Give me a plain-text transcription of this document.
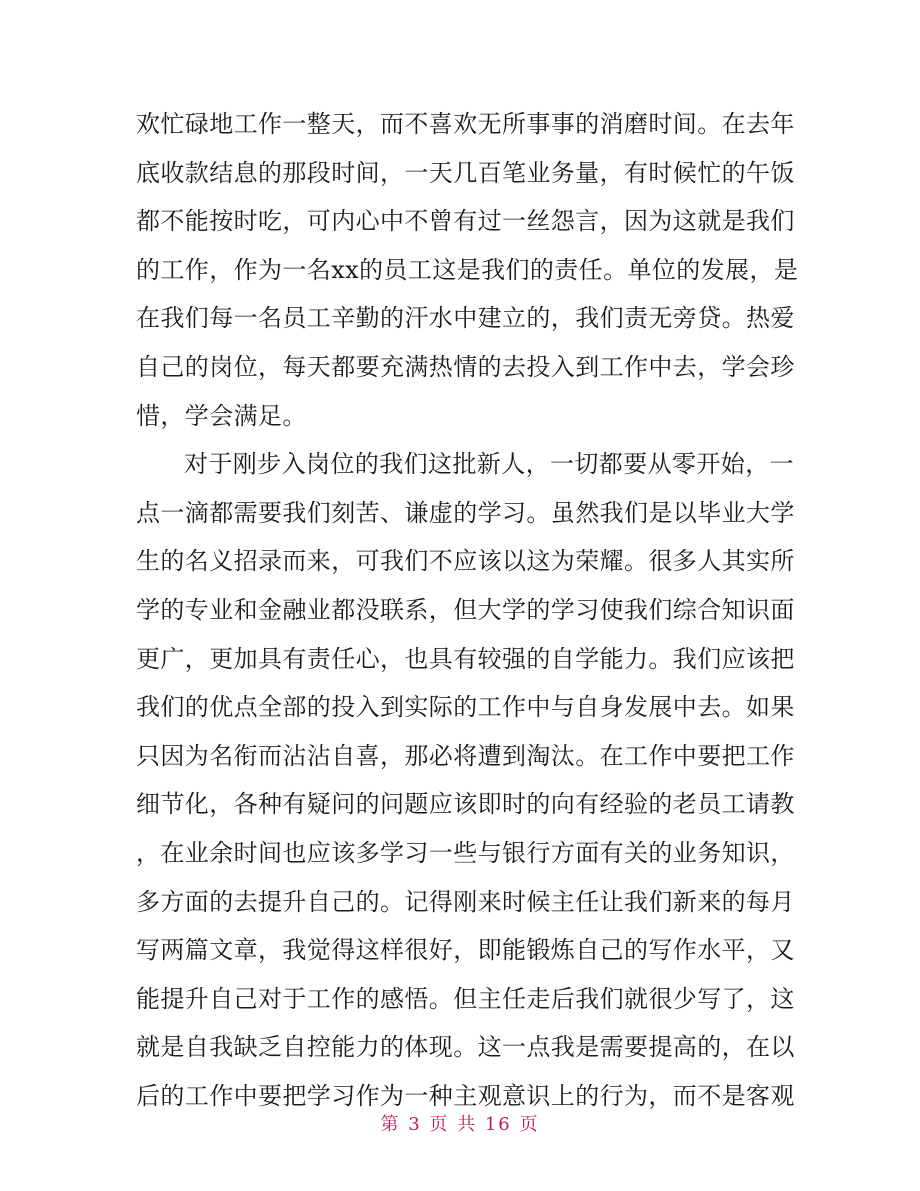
欢忙碌地工作一整天，而不喜欢无所事事的消磨时间。在去年
底收款结息的那段时间，一天几百笔业务量，有时候忙的午饭
都不能按时吃，可内心中不曾有过一丝怨言，因为这就是我们
的工作，作为一名xx的员工这是我们的责任。单位的发展，是
在我们每一名员工辛勤的汗水中建立的，我们责无旁贷。热爱
自己的岗位，每天都要充满热情的去投入到工作中去，学会珍
惜，学会满足。
对于刚步入岗位的我们这批新人，一切都要从零开始，一
点一滴都需要我们刻苦、谦虚的学习。虽然我们是以毕业大学
生的名义招录而来，可我们不应该以这为荣耀。很多人其实所
学的专业和金融业都没联系，但大学的学习使我们综合知识面
更广，更加具有责任心，也具有较强的自学能力。我们应该把
我们的优点全部的投入到实际的工作中与自身发展中去。如果
只因为名衔而沾沾自喜，那必将遭到淘汰。在工作中要把工作
细节化，各种有疑问的问题应该即时的向有经验的老员工请教
，在业余时间也应该多学习一些与银行方面有关的业务知识，
多方面的去提升自己的。记得刚来时候主任让我们新来的每月
写两篇文章，我觉得这样很好，即能锻炼自己的写作水平，又
能提升自己对于工作的感悟。但主任走后我们就很少写了，这
就是自我缺乏自控能力的体现。这一点我是需要提高的，在以
后的工作中要把学习作为一种主观意识上的行为，而不是客观
第 3 页 共 16 页
